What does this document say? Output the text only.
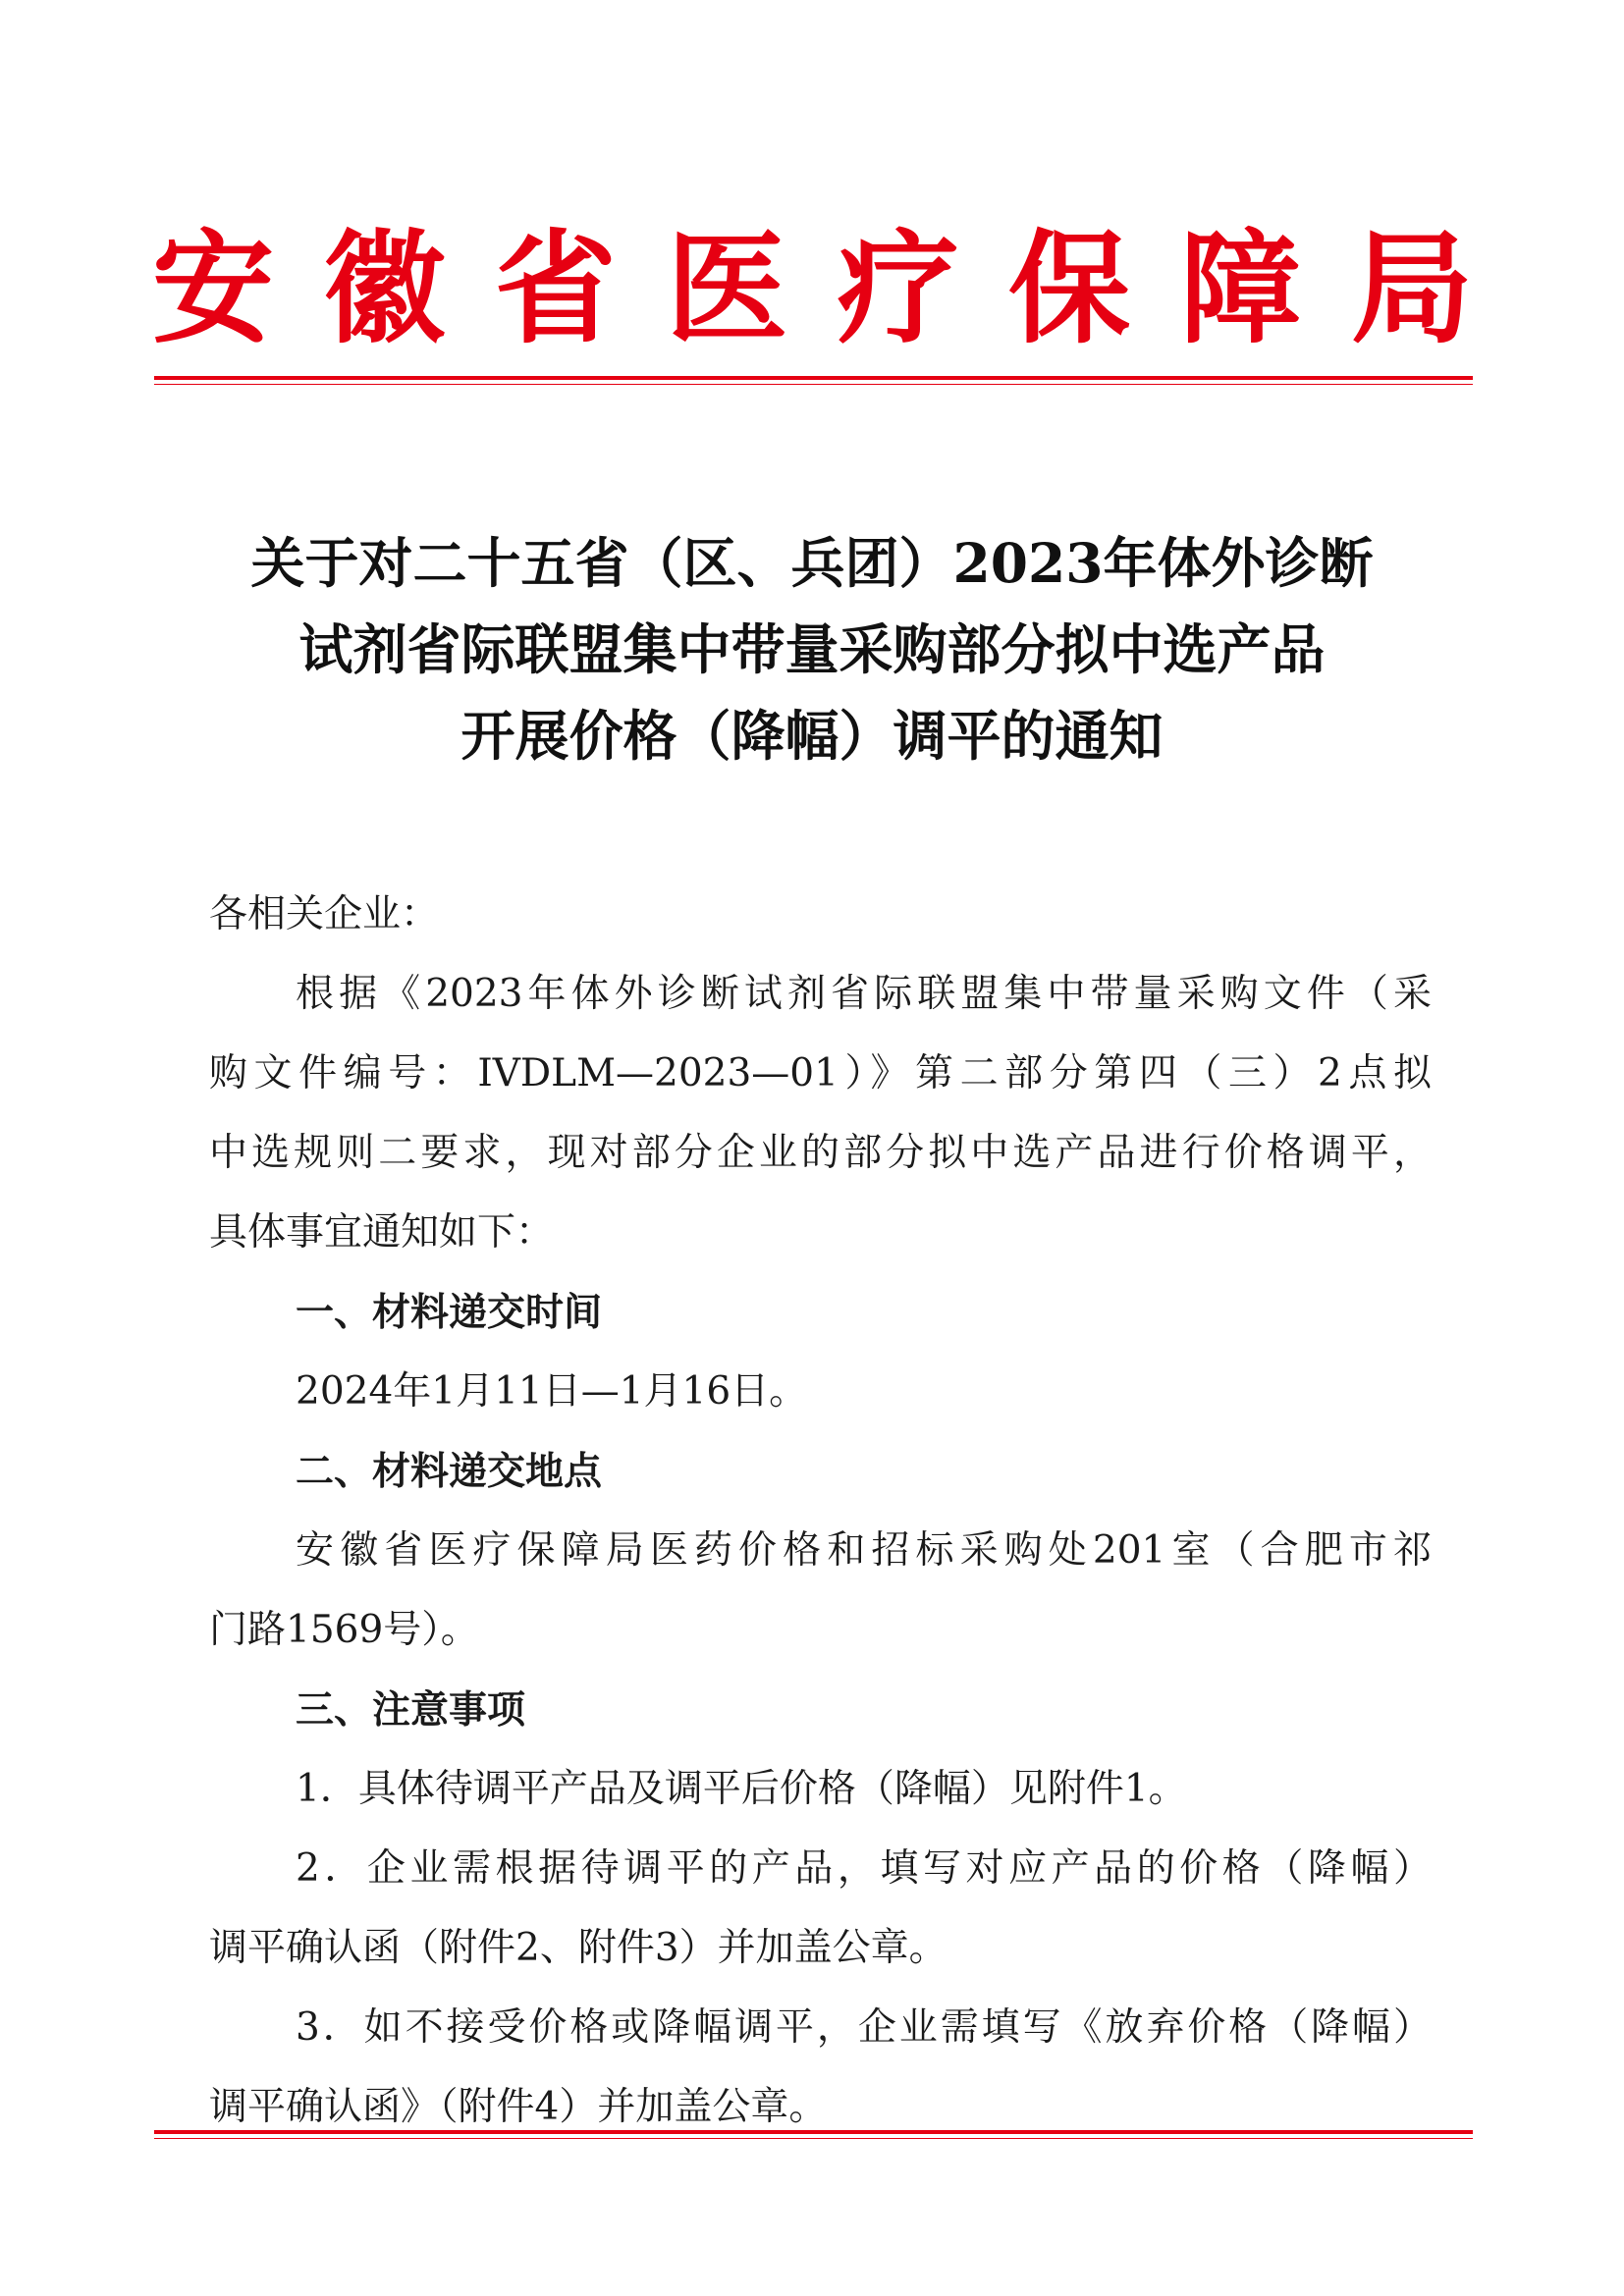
安 徽 省 医 疗 保 障 局
关于对二十五省（区、兵团）2023年体外诊断
试剂省际联盟集中带量采购部分拟中选产品
开展价格（降幅）调平的通知
各相关企业：
根据《2023年体外诊断试剂省际联盟集中带量采购文件（采
购文件编号：IVDLM—2023—01）》第二部分第四（三）2点拟
中选规则二要求，现对部分企业的部分拟中选产品进行价格调平，
具体事宜通知如下：
一、材料递交时间
2024年1月11日—1月16日。
二、材料递交地点
安徽省医疗保障局医药价格和招标采购处201室（合肥市祁
门路1569号）。
三、注意事项
1．具体待调平产品及调平后价格（降幅）见附件1。
2．企业需根据待调平的产品，填写对应产品的价格（降幅）
调平确认函（附件2、附件3）并加盖公章。
3．如不接受价格或降幅调平，企业需填写《放弃价格（降幅）
调平确认函》（附件4）并加盖公章。
